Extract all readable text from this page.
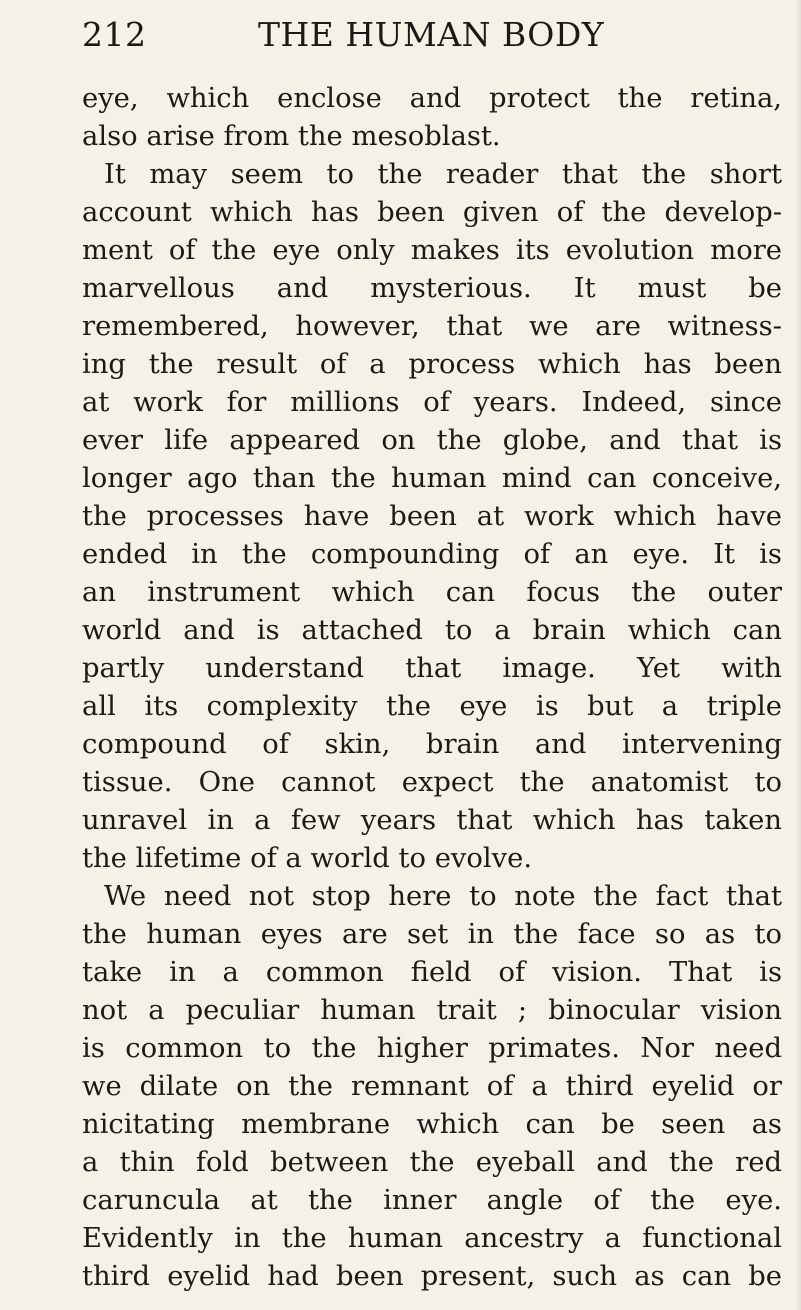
212	THE HUMAN BODY
eye, which enclose and protect the retina,
also arise from the mesoblast.
It may seem to the reader that the short
account which has been given of the develop-
ment of the eye only makes its evolution more
marvellous and mysterious. It must be
remembered, however, that we are witness-
ing the result of a process which has been
at work for millions of years. Indeed, since
ever life appeared on the globe, and that is
longer ago than the human mind can conceive,
the processes have been at work which have
ended in the compounding of an eye. It is
an instrument which can focus the outer
world and is attached to a brain which can
partly understand that image. Yet with
all its complexity the eye is but a triple
compound of skin, brain and intervening
tissue. One cannot expect the anatomist to
unravel in a few years that which has taken
the lifetime of a world to evolve.
We need not stop here to note the fact that
the human eyes are set in the face so as to
take in a common field of vision. That is
not a peculiar human trait ; binocular vision
is common to the higher primates. Nor need
we dilate on the remnant of a third eyelid or
nicitating membrane which can be seen as
a thin fold between the eyeball and the red
caruncula at the inner angle of the eye.
Evidently in the human ancestry a functional
third eyelid had been present, such as can be
